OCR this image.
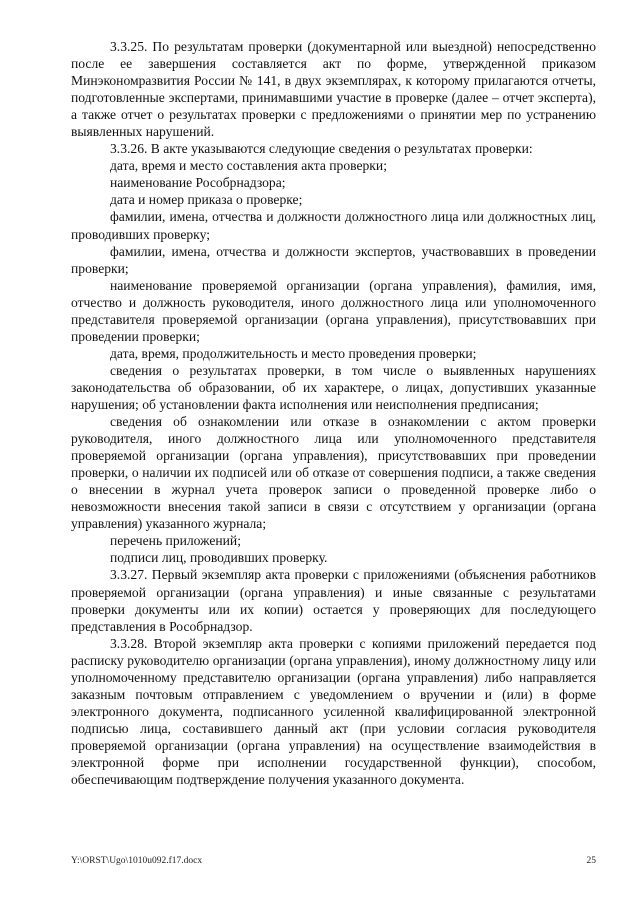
3.3.25. По результатам проверки (документарной или выездной) непосредственно после ее завершения составляется акт по форме, утвержденной приказом Минэкономразвития России № 141, в двух экземплярах, к которому прилагаются отчеты, подготовленные экспертами, принимавшими участие в проверке (далее – отчет эксперта), а также отчет о результатах проверки с предложениями о принятии мер по устранению выявленных нарушений.

3.3.26. В акте указываются следующие сведения о результатах проверки:

дата, время и место составления акта проверки;

наименование Рособрнадзора;

дата и номер приказа о проверке;

фамилии, имена, отчества и должности должностного лица или должностных лиц, проводивших проверку;

фамилии, имена, отчества и должности экспертов, участвовавших в проведении проверки;

наименование проверяемой организации (органа управления), фамилия, имя, отчество и должность руководителя, иного должностного лица или уполномоченного представителя проверяемой организации (органа управления), присутствовавших при проведении проверки;

дата, время, продолжительность и место проведения проверки;

сведения о результатах проверки, в том числе о выявленных нарушениях законодательства об образовании, об их характере, о лицах, допустивших указанные нарушения; об установлении факта исполнения или неисполнения предписания;

сведения об ознакомлении или отказе в ознакомлении с актом проверки руководителя, иного должностного лица или уполномоченного представителя проверяемой организации (органа управления), присутствовавших при проведении проверки, о наличии их подписей или об отказе от совершения подписи, а также сведения о внесении в журнал учета проверок записи о проведенной проверке либо о невозможности внесения такой записи в связи с отсутствием у организации (органа управления) указанного журнала;

перечень приложений;

подписи лиц, проводивших проверку.

3.3.27. Первый экземпляр акта проверки с приложениями (объяснения работников проверяемой организации (органа управления) и иные связанные с результатами проверки документы или их копии) остается у проверяющих для последующего представления в Рособрнадзор.

3.3.28. Второй экземпляр акта проверки с копиями приложений передается под расписку руководителю организации (органа управления), иному должностному лицу или уполномоченному представителю организации (органа управления) либо направляется заказным почтовым отправлением с уведомлением о вручении и (или) в форме электронного документа, подписанного усиленной квалифицированной электронной подписью лица, составившего данный акт (при условии согласия руководителя проверяемой организации (органа управления) на осуществление взаимодействия в электронной форме при исполнении государственной функции), способом, обеспечивающим подтверждение получения указанного документа.

Y:\ORST\Ugo\1010u092.f17.docx	25
